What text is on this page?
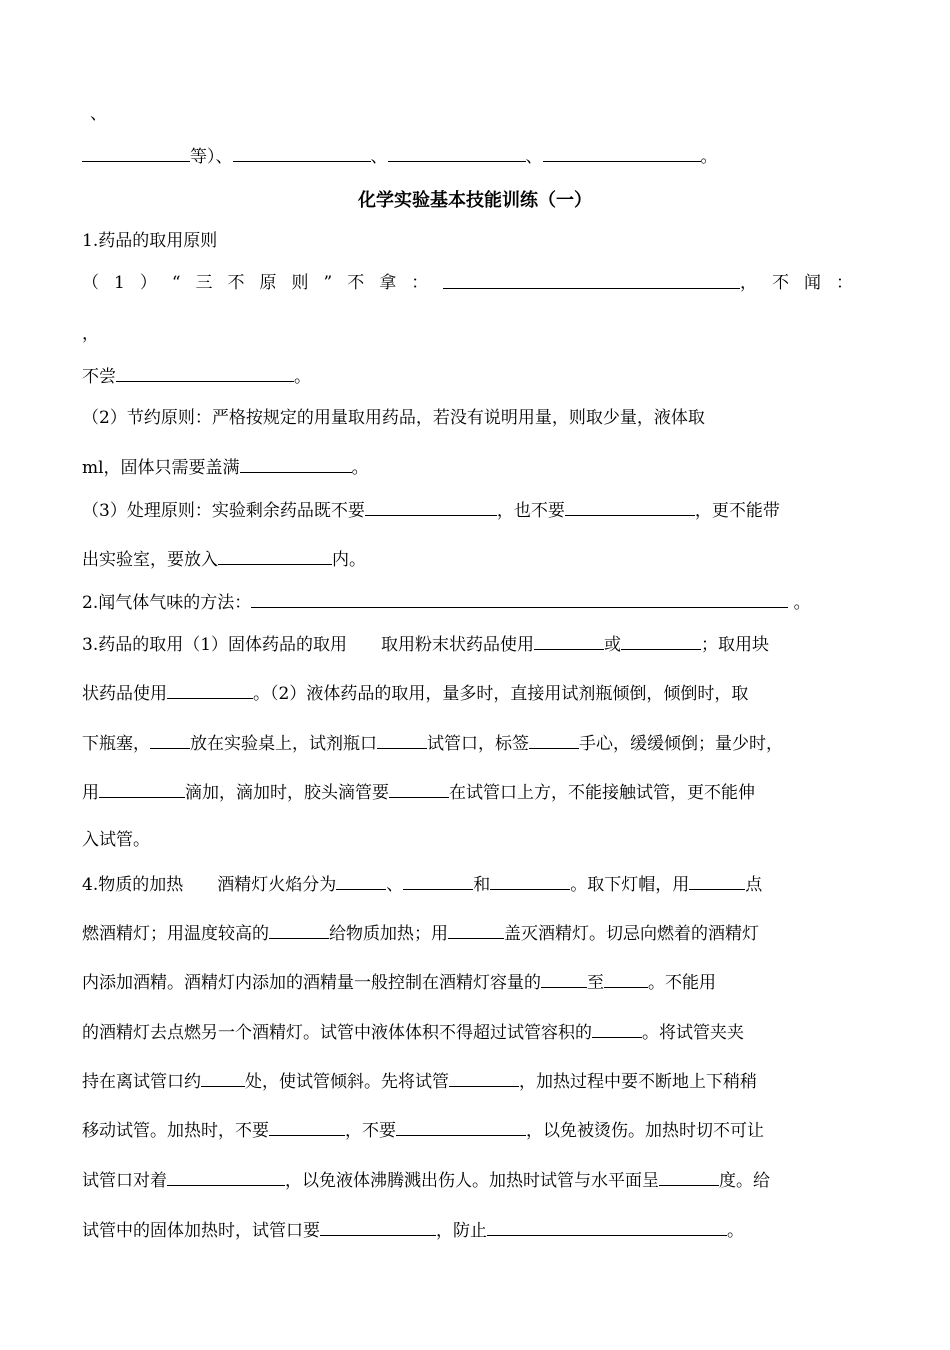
、
等）、	、	、	。
化学实验基本技能训练（一）
1.药品的取用原则
（1）“三不原则”不拿：	，不闻：
，
不尝	。
（2）节约原则：严格按规定的用量取用药品，若没有说明用量，则取少量，液体取
ml，固体只需要盖满	。
（3）处理原则：实验剩余药品既不要	，也不要	，更不能带
出实验室，要放入	内。
2.闻气体气味的方法：	。
3.药品的取用（1）固体药品的取用　　取用粉末状药品使用	或	；取用块
状药品使用	。（2）液体药品的取用，量多时，直接用试剂瓶倾倒，倾倒时，取
下瓶塞， 放在实验桌上，试剂瓶口	试管口，标签	手心，缓缓倾倒；量少时，
用	滴加，滴加时，胶头滴管要	在试管口上方，不能接触试管，更不能伸
入试管。
4.物质的加热　　酒精灯火焰分为	、	和	。取下灯帽，用	点
燃酒精灯；用温度较高的	给物质加热；用	盖灭酒精灯。切忌向燃着的酒精灯
内添加酒精。酒精灯内添加的酒精量一般控制在酒精灯容量的	至	。不能用
的酒精灯去点燃另一个酒精灯。试管中液体体积不得超过试管容积的	。将试管夹夹
持在离试管口约	处，使试管倾斜。先将试管	，加热过程中要不断地上下稍稍
移动试管。加热时，不要	，不要	，以免被烫伤。加热时切不可让
试管口对着	，以免液体沸腾溅出伤人。加热时试管与水平面呈	度。给
试管中的固体加热时，试管口要	，防止	。
